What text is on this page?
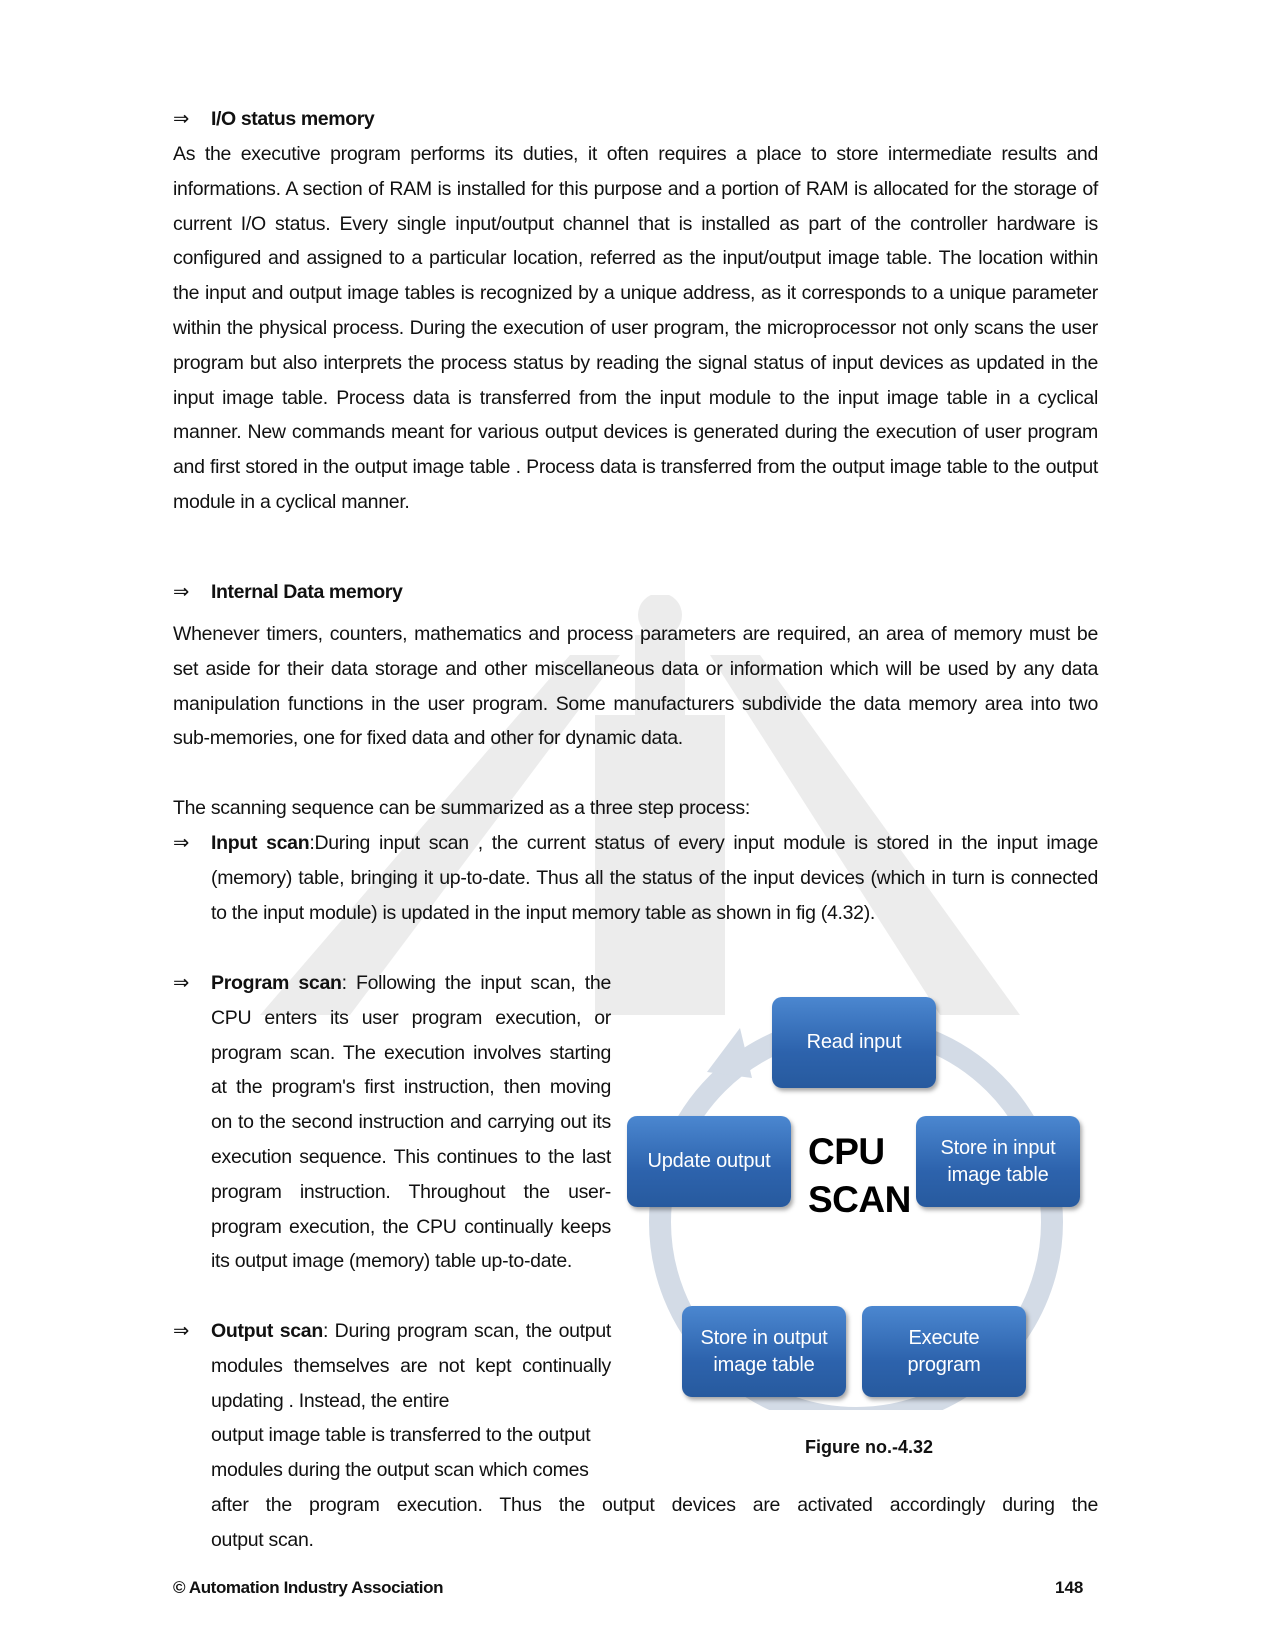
⇒ I/O status memory
As the executive program performs its duties, it often requires a place to store intermediate results and informations. A section of RAM is installed for this purpose and a portion of RAM is allocated for the storage of current I/O status. Every single input/output channel that is installed as part of the controller hardware is configured and assigned to a particular location, referred as the input/output image table. The location within the input and output image tables is recognized by a unique address, as it corresponds to a unique parameter within the physical process. During the execution of user program, the microprocessor not only scans the user program but also interprets the process status by reading the signal status of input devices as updated in the input image table. Process data is transferred from the input module to the input image table in a cyclical manner. New commands meant for various output devices is generated during the execution of user program and first stored in the output image table . Process data is transferred from the output image table to the output module in a cyclical manner.
⇒ Internal Data memory
Whenever timers, counters, mathematics and process parameters are required, an area of memory must be set aside for their data storage and other miscellaneous data or information which will be used by any data manipulation functions in the user program. Some manufacturers subdivide the data memory area into two sub-memories, one for fixed data and other for dynamic data.
The scanning sequence can be summarized as a three step process:
⇒	Input scan:During input scan , the current status of every input module is stored in the input image (memory) table, bringing it up-to-date. Thus all the status of the input devices (which in turn is connected to the input module) is updated in the input memory table as shown in fig (4.32).
⇒	Program scan: Following the input scan, the CPU enters its user program execution, or program scan. The execution involves starting at the program's first instruction, then moving on to the second instruction and carrying out its execution sequence. This continues to the last program instruction. Throughout the user-program execution, the CPU continually keeps its output image (memory) table up-to-date.
⇒	Output scan: During program scan, the output modules themselves are not kept continually updating . Instead, the entire
output image table is transferred to the output
modules during the output scan which comes
after the program execution. Thus the output devices are activated accordingly during the
output scan.
Read input
Store in input
image table
Execute
program
Store in output
image table
Update output CPU
SCAN
Figure no.-4.32
© Automation Industry Association	148
